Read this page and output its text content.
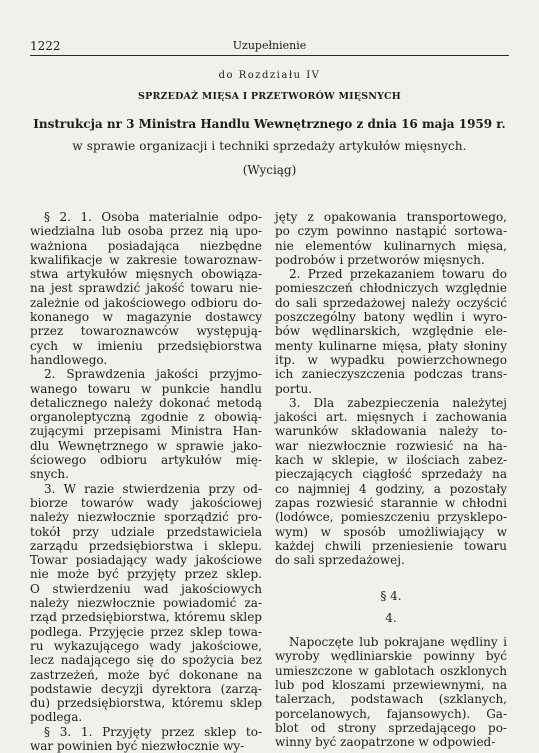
1222	Uzupełnienie
do Rozdziału IV
SPRZEDAŻ MIĘSA I PRZETWORÓW MIĘSNYCH
Instrukcja nr 3 Ministra Handlu Wewnętrznego z dnia 16 maja 1959 r.
w sprawie organizacji i techniki sprzedaży artykułów mięsnych.
(Wyciąg)
§ 2. 1. Osoba materialnie odpo-
wiedzialna lub osoba przez nią upo-
ważniona posiadająca niezbędne
kwalifikacje w zakresie towaroznaw-
stwa artykułów mięsnych obowiąza-
na jest sprawdzić jakość towaru nie-
zależnie od jakościowego odbioru do-
konanego w magazynie dostawcy
przez towaroznawców występują-
cych w imieniu przedsiębiorstwa
handlowego.
2. Sprawdzenia jakości przyjmo-
wanego towaru w punkcie handlu
detalicznego należy dokonać metodą
organoleptyczną zgodnie z obowią-
zującymi przepisami Ministra Han-
dlu Wewnętrznego w sprawie jako-
ściowego odbioru artykułów mię-
snych.
3. W razie stwierdzenia przy od-
biorze towarów wady jakościowej
należy niezwłocznie sporządzić pro-
tokół przy udziale przedstawiciela
zarządu przedsiębiorstwa i sklepu.
Towar posiadający wady jakościowe
nie może być przyjęty przez sklep.
O stwierdzeniu wad jakościowych
należy niezwłocznie powiadomić za-
rząd przedsiębiorstwa, któremu sklep
podlega. Przyjęcie przez sklep towa-
ru wykazującego wady jakościowe,
lecz nadającego się do spożycia bez
zastrzeżeń, może być dokonane na
podstawie decyzji dyrektora (zarzą-
du) przedsiębiorstwa, któremu sklep
podlega.
§ 3. 1. Przyjęty przez sklep to-
war powinien być niezwłocznie wy-
jęty z opakowania transportowego,
po czym powinno nastąpić sortowa-
nie elementów kulinarnych mięsa,
podrobów i przetworów mięsnych.
2. Przed przekazaniem towaru do
pomieszczeń chłodniczych względnie
do sali sprzedażowej należy oczyścić
poszczególny batony wędlin i wyro-
bów wędlinarskich, względnie ele-
menty kulinarne mięsa, płaty słoniny
itp. w wypadku powierzchownego
ich zanieczyszczenia podczas trans-
portu.
3. Dla zabezpieczenia należytej
jakości art. mięsnych i zachowania
warunków składowania należy to-
war niezwłocznie rozwiesić na ha-
kach w sklepie, w ilościach zabez-
pieczających ciągłość sprzedaży na
co najmniej 4 godziny, a pozostały
zapas rozwiesić starannie w chłodni
(lodówce, pomieszczeniu przysklepo-
wym) w sposób umożliwiający w
każdej chwili przeniesienie towaru
do sali sprzedażowej.
§ 4.
4.
Napoczęte lub pokrajane wędliny i
wyroby wędliniarskie powinny być
umieszczone w gablotach oszklonych
lub pod kloszami przewiewnymi, na
talerzach, podstawach (szklanych,
porcelanowych, fajansowych). Ga-
blot od strony sprzedającego po-
winny być zaopatrzone w odpowied-
